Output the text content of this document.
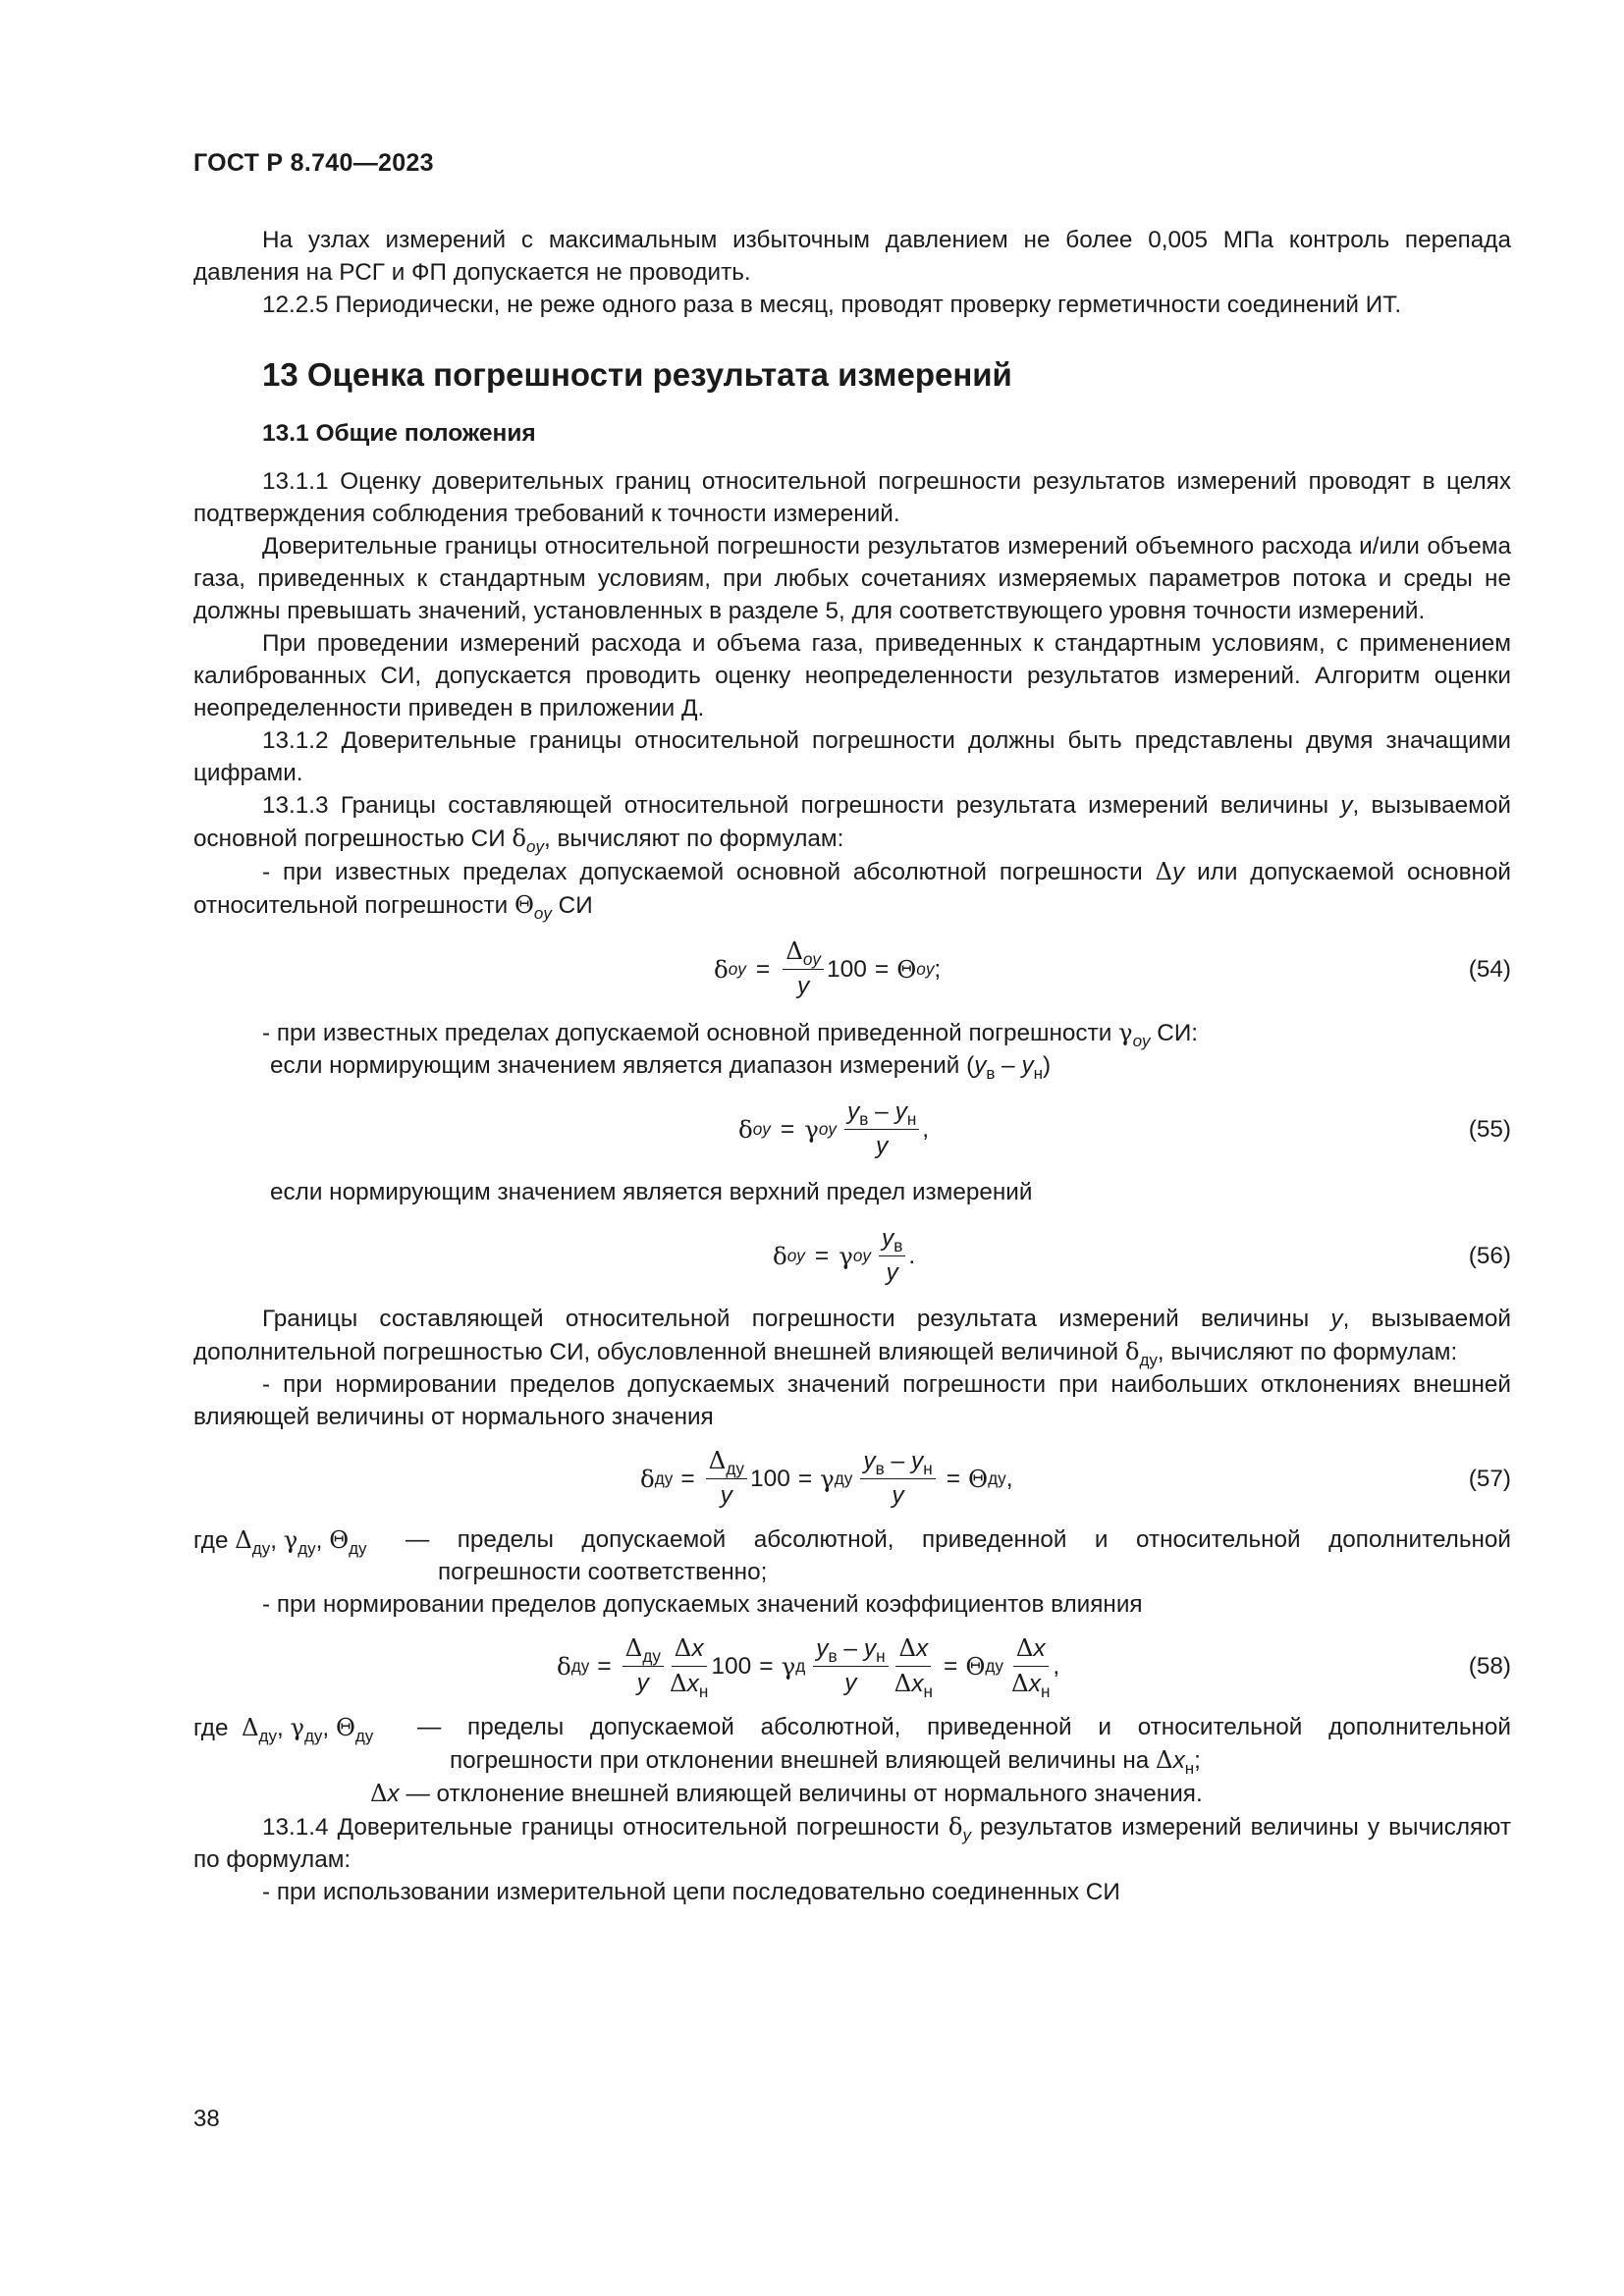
ГОСТ Р 8.740—2023

На узлах измерений с максимальным избыточным давлением не более 0,005 МПа контроль перепада давления на РСГ и ФП допускается не проводить.

12.2.5 Периодически, не реже одного раза в месяц, проводят проверку герметичности соединений ИТ.

13 Оценка погрешности результата измерений
13.1 Общие положения

13.1.1 Оценку доверительных границ относительной погрешности результатов измерений проводят в целях подтверждения соблюдения требований к точности измерений.

Доверительные границы относительной погрешности результатов измерений объемного расхода и/или объема газа, приведенных к стандартным условиям, при любых сочетаниях измеряемых параметров потока и среды не должны превышать значений, установленных в разделе 5, для соответствующего уровня точности измерений.

При проведении измерений расхода и объема газа, приведенных к стандартным условиям, с применением калиброванных СИ, допускается проводить оценку неопределенности результатов измерений. Алгоритм оценки неопределенности приведен в приложении Д.

13.1.2 Доверительные границы относительной погрешности должны быть представлены двумя значащими цифрами.

13.1.3 Границы составляющей относительной погрешности результата измерений величины y, вызываемой основной погрешностью СИ $\delta_{oy}$, вычисляют по формулам:

- при известных пределах допускаемой основной абсолютной погрешности Δy или допускаемой основной относительной погрешности $\Theta_{oy}$ СИ

δ oy = $\frac{\Delta_{oy}}{y} 100 = \Theta$ oy ;	(54)

- при известных пределах допускаемой основной приведенной погрешности $\gamma_{oy}$ СИ:

если нормирующим значением является диапазон измерений $(y_в - y_н)$

δ oy = γ oy $\frac{y_в - y_н}{y}$ ,	(55)

если нормирующим значением является верхний предел измерений

δ oy = γ oy $\frac{y_в}{y}$ .	(56)

Границы составляющей относительной погрешности результата измерений величины y, вызываемой дополнительной погрешностью СИ, обусловленной внешней влияющей величиной $\delta_{ду}$, вычисляют по формулам:

- при нормировании пределов допускаемых значений погрешности при наибольших отклонениях внешней влияющей величины от нормального значения

δ ду = $\frac{\Delta_{ду}}{y} 100 = \gamma$ ду $\frac{y_в - y_н}{y} = \Theta$ ду ,	(57)
где $\Delta_{ду}$, $\gamma_{ду}$, $\Theta_{ду}$ — пределы допускаемой абсолютной, приведенной и относительной дополнительной погрешности соответственно;

- при нормировании пределов допускаемых значений коэффициентов влияния

δ ду = $\frac{\Delta_{ду}}{y} \frac{\Delta x}{\Delta x_н} 100 = \gamma$ д $\frac{y_в - y_н}{y} \frac{\Delta x}{\Delta x_н} = \Theta$ ду $\frac{\Delta x}{\Delta x_н}$ ,	(58)
где $\Delta_{ду}$, $\gamma_{ду}$, $\Theta_{ду}$ — пределы допускаемой абсолютной, приведенной и относительной дополнительной погрешности при отклонении внешней влияющей величины на $\Delta x_н$;

Δx — отклонение внешней влияющей величины от нормального значения.

13.1.4 Доверительные границы относительной погрешности $\delta_y$ результатов измерений величины у вычисляют по формулам:

- при использовании измерительной цепи последовательно соединенных СИ

38
